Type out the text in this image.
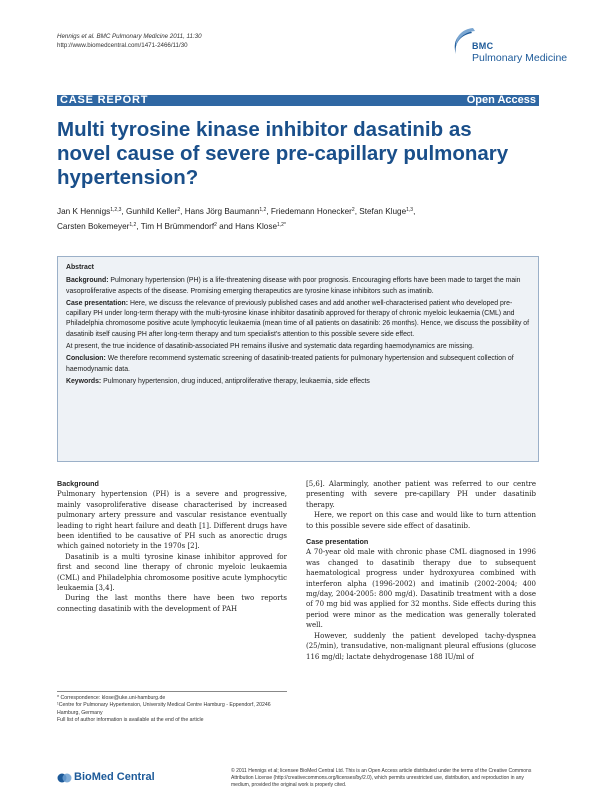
Hennigs et al. BMC Pulmonary Medicine 2011, 11:30
http://www.biomedcentral.com/1471-2466/11/30	BMC
Pulmonary Medicine
CASE REPORT	Open Access
Multi tyrosine kinase inhibitor dasatinib as novel cause of severe pre-capillary pulmonary hypertension?
Jan K Hennigs$^{1,2,3}$, Gunhild Keller$^2$, Hans Jörg Baumann$^{1,2}$, Friedemann Honecker$^2$, Stefan Kluge$^{1,3}$,
Carsten Bokemeyer$^{1,2}$, Tim H Brümmendorf$^2$ and Hans Klose$^{1,2*}$
Abstract

Background: Pulmonary hypertension (PH) is a life-threatening disease with poor prognosis. Encouraging efforts have been made to target the main vasoproliferative aspects of the disease. Promising emerging therapeutics are tyrosine kinase inhibitors such as imatinib.

Case presentation: Here, we discuss the relevance of previously published cases and add another well-characterised patient who developed pre-capillary PH under long-term therapy with the multi-tyrosine kinase inhibitor dasatinib approved for therapy of chronic myeloic leukaemia (CML) and Philadelphia chromosome positive acute lymphocytic leukaemia (mean time of all patients on dasatinib: 26 months). Hence, we discuss the possibility of dasatinib itself causing PH after long-term therapy and turn specialist's attention to this possible severe side effect.

At present, the true incidence of dasatinib-associated PH remains illusive and systematic data regarding haemodynamics are missing.

Conclusion: We therefore recommend systematic screening of dasatinib-treated patients for pulmonary hypertension and subsequent collection of haemodynamic data.

Keywords: Pulmonary hypertension, drug induced, antiproliferative therapy, leukaemia, side effects

Background

Pulmonary hypertension (PH) is a severe and progressive, mainly vasoproliferative disease characterised by increased pulmonary artery pressure and vascular resistance eventually leading to right heart failure and death [1]. Different drugs have been identified to be causative of PH such as anorectic drugs which gained notoriety in the 1970s [2].

Dasatinib is a multi tyrosine kinase inhibitor approved for first and second line therapy of chronic myeloic leukaemia (CML) and Philadelphia chromosome positive acute lymphocytic leukaemia [3,4].

During the last months there have been two reports connecting dasatinib with the development of PAH

[5,6]. Alarmingly, another patient was referred to our centre presenting with severe pre-capillary PH under dasatinib therapy.

Here, we report on this case and would like to turn attention to this possible severe side effect of dasatinib.

Case presentation

A 70-year old male with chronic phase CML diagnosed in 1996 was changed to dasatinib therapy due to subsequent haematological progress under hydroxyurea combined with interferon alpha (1996-2002) and imatinib (2002-2004; 400 mg/day, 2004-2005: 800 mg/d). Dasatinib treatment with a dose of 70 mg bid was applied for 32 months. Side effects during this period were minor as the medication was generally tolerated well.

However, suddenly the patient developed tachy-dyspnea (25/min), transudative, non-malignant pleural effusions (glucose 116 mg/dl; lactate dehydrogenase 188 IU/ml of

* Correspondence: klose@uke.uni-hamburg.de
¹Centre for Pulmonary Hypertension, University Medical Centre Hamburg - Eppendorf, 20246 Hamburg, Germany
Full list of author information is available at the end of the article
BioMed Central	© 2011 Hennigs et al; licensee BioMed Central Ltd. This is an Open Access article distributed under the terms of the Creative Commons Attribution License (http://creativecommons.org/licenses/by/2.0), which permits unrestricted use, distribution, and reproduction in any medium, provided the original work is properly cited.
